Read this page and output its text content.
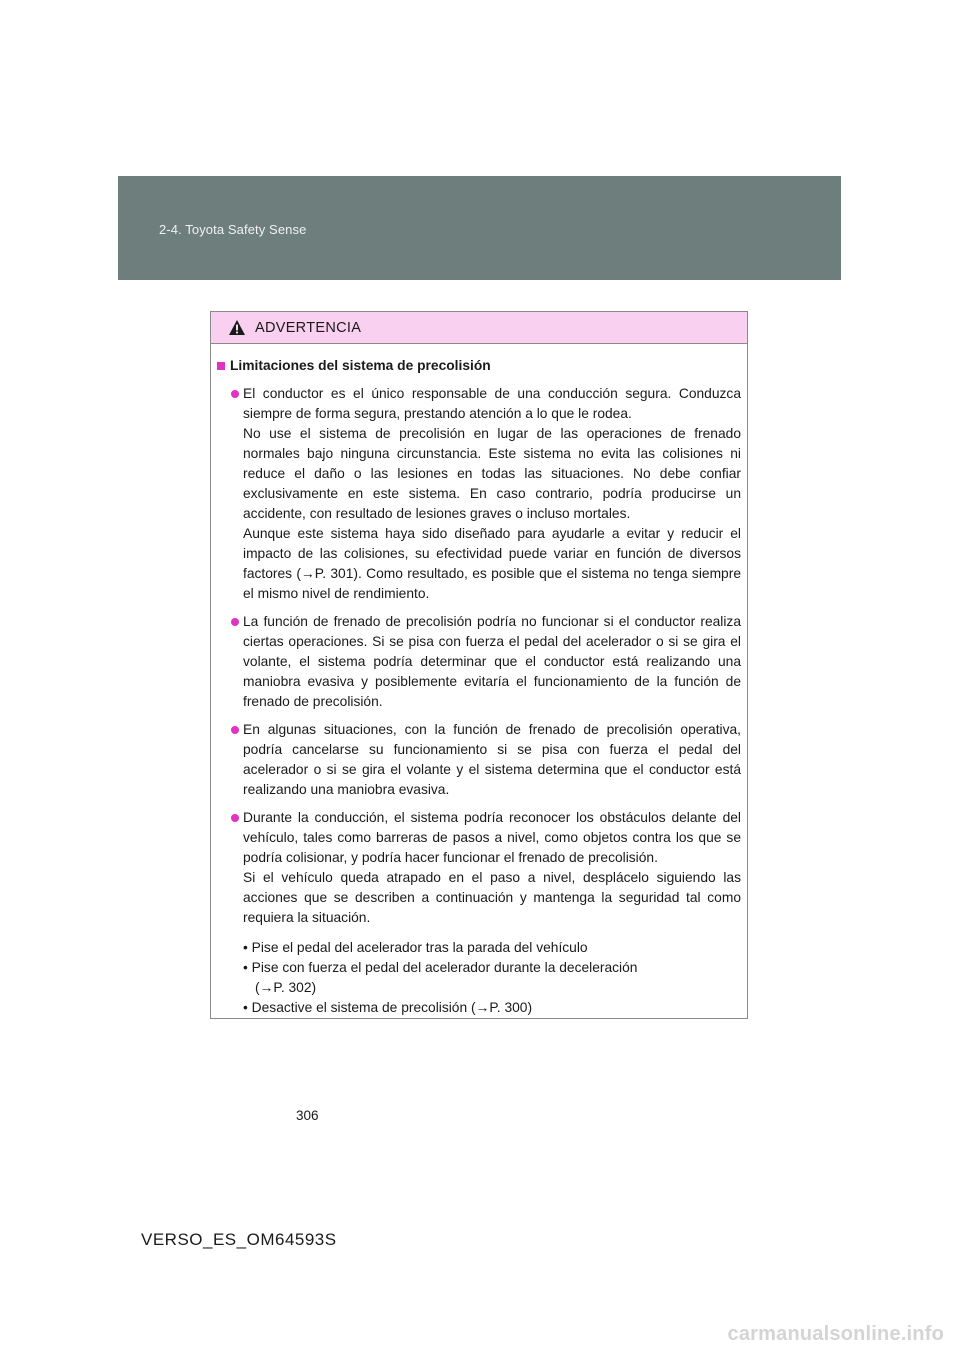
2-4. Toyota Safety Sense
ADVERTENCIA
Limitaciones del sistema de precolisión
El conductor es el único responsable de una conducción segura. Conduzca siempre de forma segura, prestando atención a lo que le rodea.
No use el sistema de precolisión en lugar de las operaciones de frenado normales bajo ninguna circunstancia. Este sistema no evita las colisiones ni reduce el daño o las lesiones en todas las situaciones. No debe confiar exclusivamente en este sistema. En caso contrario, podría producirse un accidente, con resultado de lesiones graves o incluso mortales.
Aunque este sistema haya sido diseñado para ayudarle a evitar y reducir el impacto de las colisiones, su efectividad puede variar en función de diversos factores (→P. 301). Como resultado, es posible que el sistema no tenga siempre el mismo nivel de rendimiento.
La función de frenado de precolisión podría no funcionar si el conductor realiza ciertas operaciones. Si se pisa con fuerza el pedal del acelerador o si se gira el volante, el sistema podría determinar que el conductor está realizando una maniobra evasiva y posiblemente evitaría el funcionamiento de la función de frenado de precolisión.
En algunas situaciones, con la función de frenado de precolisión operativa, podría cancelarse su funcionamiento si se pisa con fuerza el pedal del acelerador o si se gira el volante y el sistema determina que el conductor está realizando una maniobra evasiva.
Durante la conducción, el sistema podría reconocer los obstáculos delante del vehículo, tales como barreras de pasos a nivel, como objetos contra los que se podría colisionar, y podría hacer funcionar el frenado de precolisión.
Si el vehículo queda atrapado en el paso a nivel, desplácelo siguiendo las acciones que se describen a continuación y mantenga la seguridad tal como requiera la situación.
• Pise el pedal del acelerador tras la parada del vehículo
• Pise con fuerza el pedal del acelerador durante la deceleración
(→P. 302)
• Desactive el sistema de precolisión (→P. 300)
306
VERSO_ES_OM64593S
carmanualsonline.info
